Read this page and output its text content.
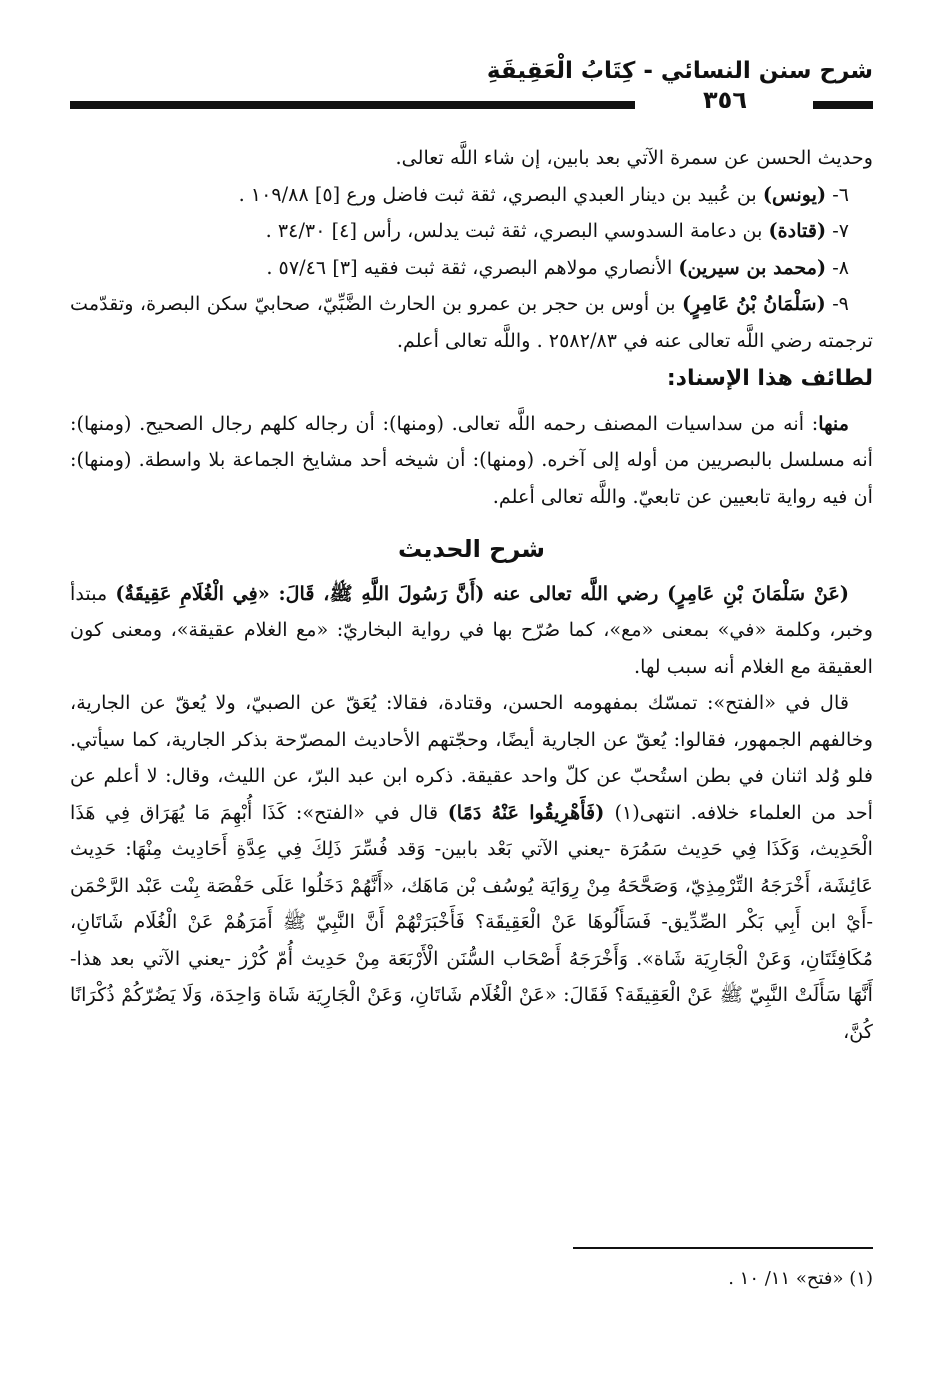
شرح سنن النسائي - كِتَابُ الْعَقِيقَةِ
٣٥٦

وحديث الحسن عن سمرة الآتي بعد بابين، إن شاء اللَّه تعالى.

٦- (يونس) بن عُبيد بن دينار العبدي البصري، ثقة ثبت فاضل ورع [٥] ١٠٩/٨٨ .

٧- (قتادة) بن دعامة السدوسي البصري، ثقة ثبت يدلس، رأس [٤] ٣٤/٣٠ .

٨- (محمد بن سيرين) الأنصاري مولاهم البصري، ثقة ثبت فقيه [٣] ٥٧/٤٦ .

٩- (سَلْمَانُ بْنُ عَامِرٍ) بن أوس بن حجر بن عمرو بن الحارث الضَّبِّيّ، صحابيّ سكن البصرة، وتقدّمت ترجمته رضي اللَّه تعالى عنه في ٢٥٨٢/٨٣ . واللَّه تعالى أعلم.

لطائف هذا الإسناد:

منها: أنه من سداسيات المصنف رحمه اللَّه تعالى. (ومنها): أن رجاله كلهم رجال الصحيح. (ومنها): أنه مسلسل بالبصريين من أوله إلى آخره. (ومنها): أن شيخه أحد مشايخ الجماعة بلا واسطة. (ومنها): أن فيه رواية تابعيين عن تابعيّ. واللَّه تعالى أعلم.

شرح الحديث

(عَنْ سَلْمَانَ بْنِ عَامِرٍ) رضي اللَّه تعالى عنه (أَنَّ رَسُولَ اللَّهِ ﷺ، قَالَ: «فِي الْغُلَامِ عَقِيقَةٌ) مبتدأ وخبر، وكلمة «في» بمعنى «مع»، كما صُرّح بها في رواية البخاريّ: «مع الغلام عقيقة»، ومعنى كون العقيقة مع الغلام أنه سبب لها.

قال في «الفتح»: تمسّك بمفهومه الحسن، وقتادة، فقالا: يُعَقّ عن الصبيّ، ولا يُعقّ عن الجارية، وخالفهم الجمهور، فقالوا: يُعقّ عن الجارية أيضًا، وحجّتهم الأحاديث المصرّحة بذكر الجارية، كما سيأتي. فلو وُلد اثنان في بطن استُحبّ عن كلّ واحد عقيقة. ذكره ابن عبد البرّ، عن الليث، وقال: لا أعلم عن أحد من العلماء خلافه. انتهى(١) (فَأَهْرِيقُوا عَنْهُ دَمًا) قال في «الفتح»: كَذَا أُبْهِمَ مَا يُهَرَاق فِي هَذَا الْحَدِيث، وَكَذَا فِي حَدِيث سَمُرَة -يعني الآتي بَعْد بابين- وَقد فُسِّرَ ذَلِكَ فِي عِدَّةِ أَحَادِيث مِنْهَا: حَدِيث عَائِشَة، أَخْرَجَهُ التِّرْمِذِيّ، وَصَحَّحَهُ مِنْ رِوَايَة يُوسُف بْن مَاهَك، «أَنَّهُمْ دَخَلُوا عَلَى حَفْصَة بِنْت عَبْد الرَّحْمَن -أَيْ ابن أَبِي بَكْر الصِّدِّيق- فَسَأَلُوهَا عَنْ الْعَقِيقَة؟ فَأَخْبَرَتْهُمْ أَنَّ النَّبِيّ ﷺ أَمَرَهُمْ عَنْ الْغُلَام شَاتَانِ، مُكَافِئَتَانِ، وَعَنْ الْجَارِيَة شَاة». وَأَخْرَجَهُ أَصْحَاب السُّنَن الْأَرْبَعَة مِنْ حَدِيث أُمّ كُرْز -يعني الآتي بعد هذا- أَنَّهَا سَأَلَتْ النَّبِيّ ﷺ عَنْ الْعَقِيقَة؟ فَقَالَ: «عَنْ الْغُلَام شَاتَانِ، وَعَنْ الْجَارِيَة شَاة وَاحِدَة، وَلَا يَضُرّكُمْ ذُكْرَانًا كُنَّ،

(١) «فتح» ١١/ ١٠ .
